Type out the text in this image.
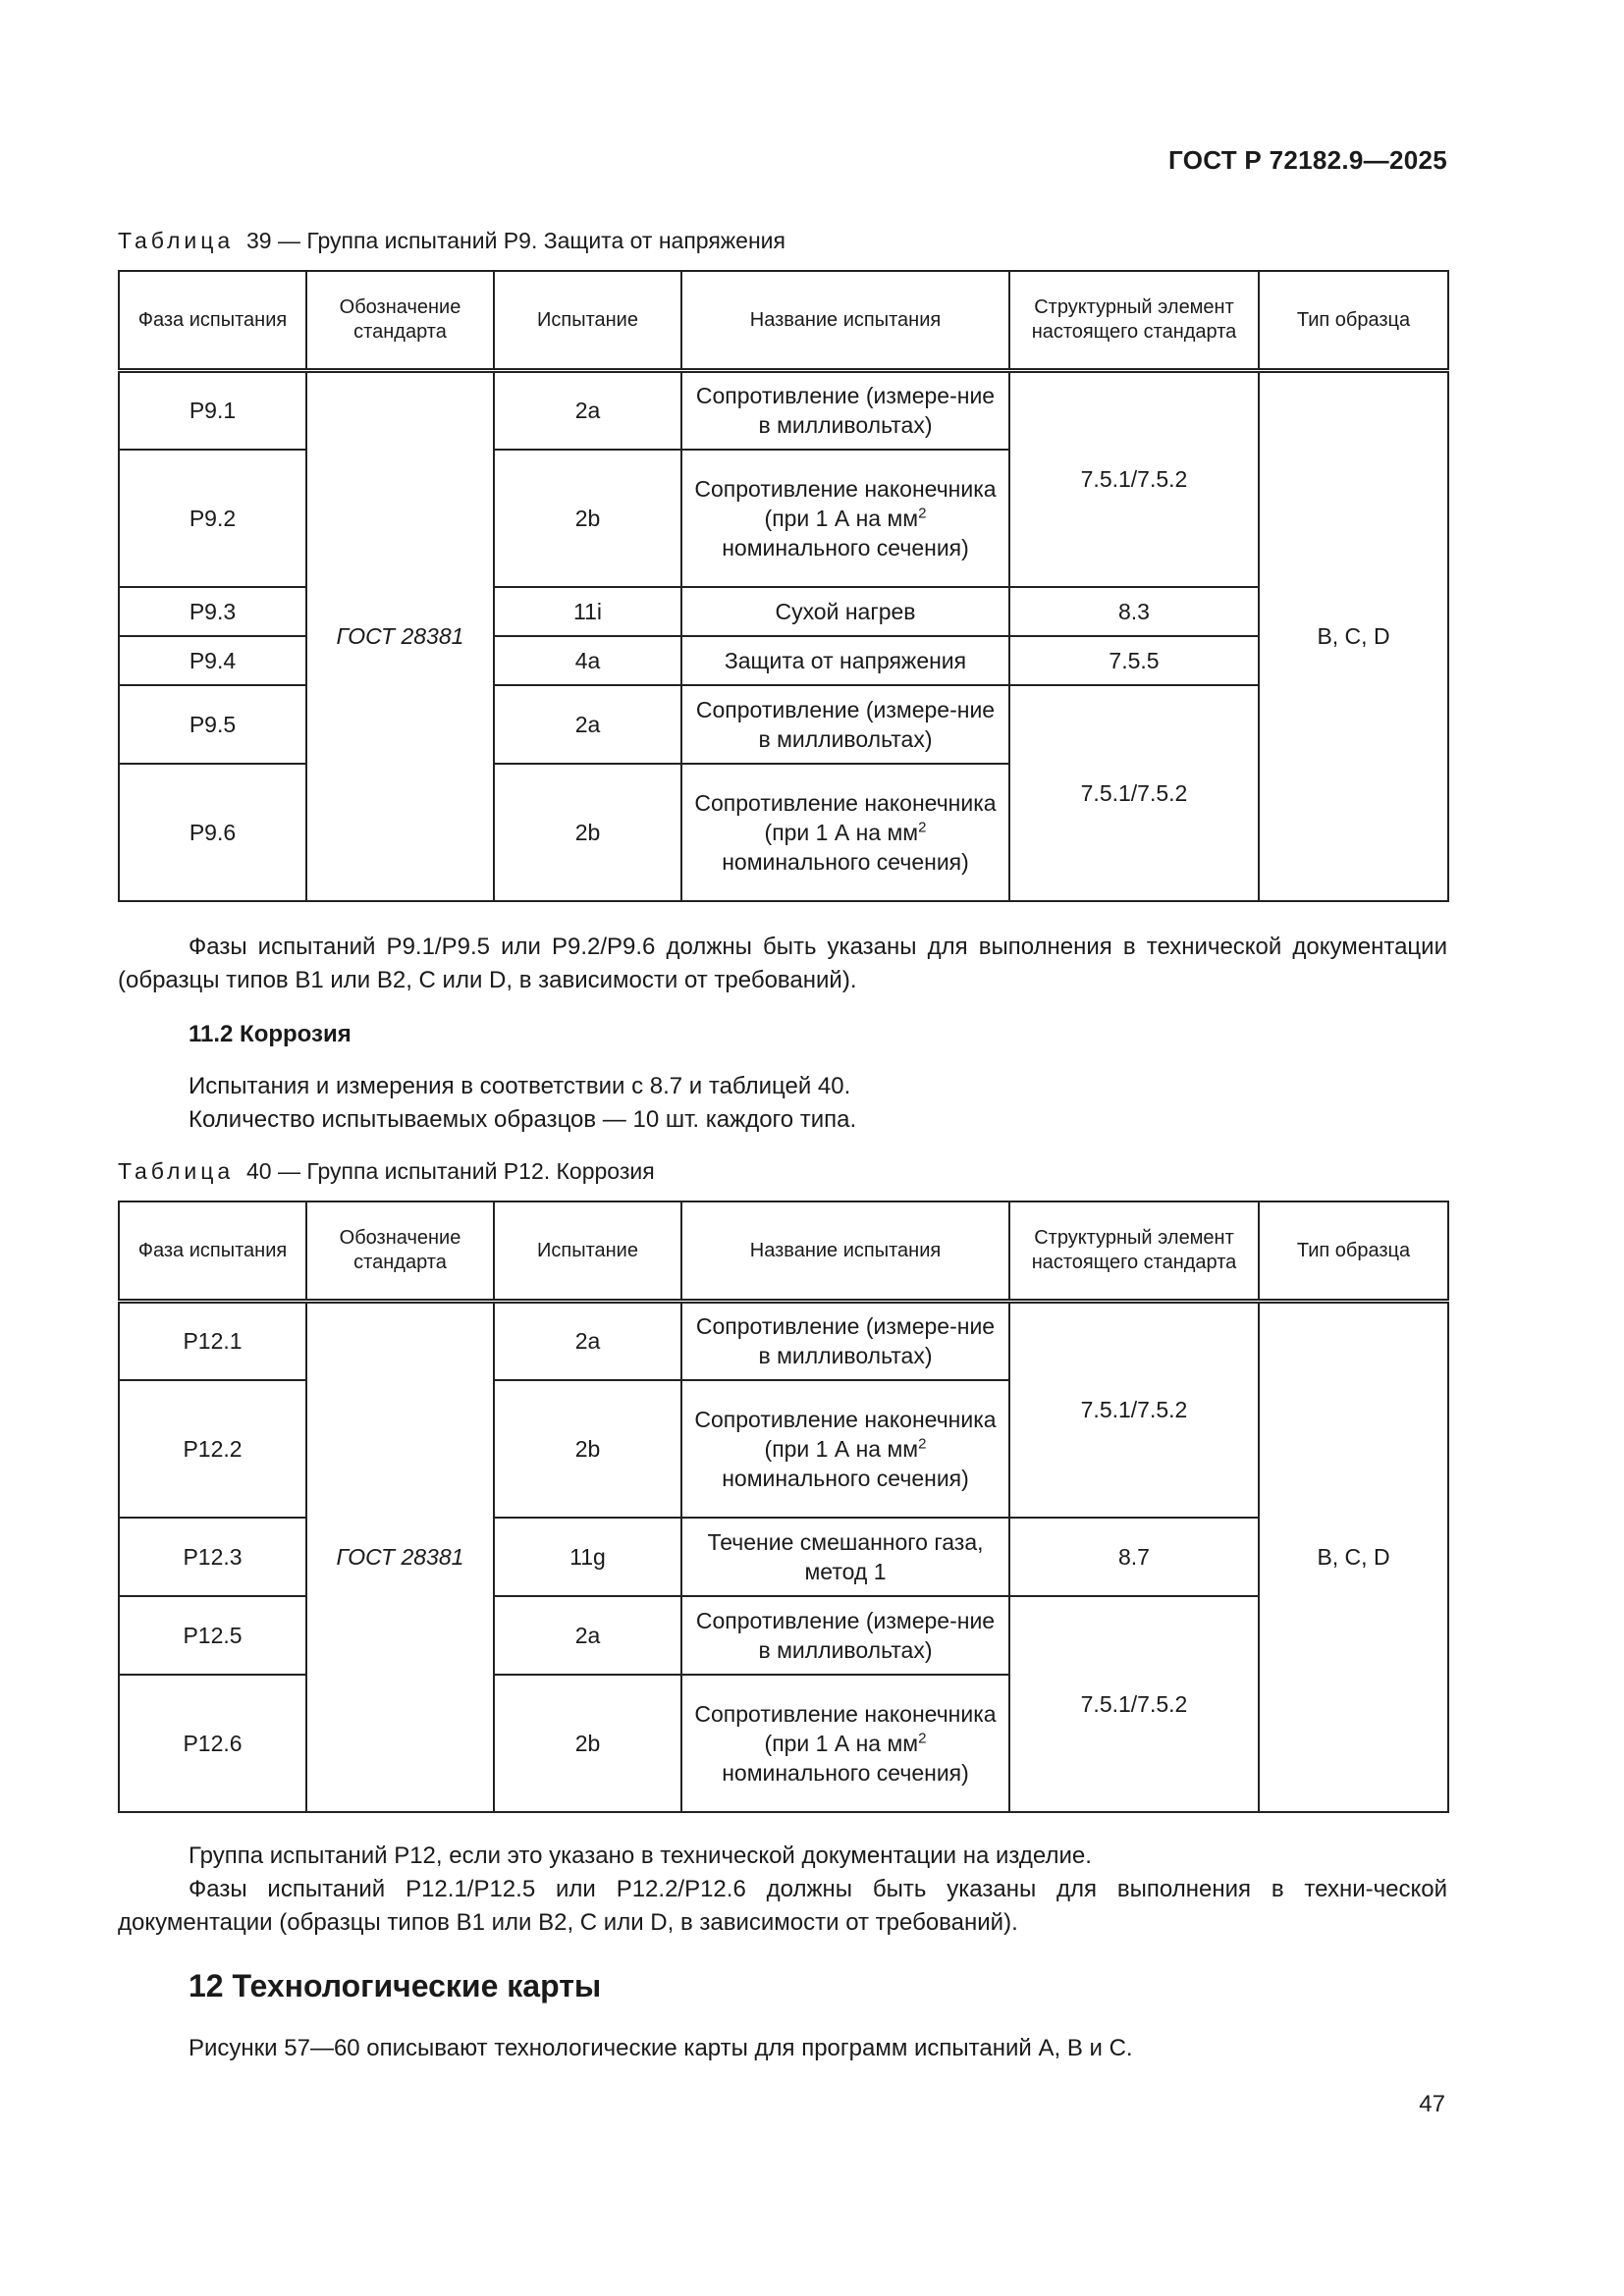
ГОСТ Р 72182.9—2025
Таблица 39 — Группа испытаний P9. Защита от напряжения
Фаза испытания	Обозначение стандарта	Испытание	Название испытания	Структурный элемент настоящего стандарта	Тип образца
P9.1	ГОСТ 28381	2a	Сопротивление (измере-ние в милливольтах)	7.5.1/7.5.2	B, C, D
P9.2		2b	Сопротивление наконечника (при 1 А на $мм^2$ номинального сечения)		
P9.3		11i	Сухой нагрев	8.3	
P9.4		4a	Защита от напряжения	7.5.5	
P9.5		2a	Сопротивление (измере-ние в милливольтах)	7.5.1/7.5.2	
P9.6		2b	Сопротивление наконечника (при 1 А на $мм^2$ номинального сечения)		
Фазы испытаний P9.1/P9.5 или P9.2/P9.6 должны быть указаны для выполнения в технической документации (образцы типов B1 или B2, C или D, в зависимости от требований).
11.2 Коррозия
Испытания и измерения в соответствии с 8.7 и таблицей 40.
Количество испытываемых образцов — 10 шт. каждого типа.
Таблица 40 — Группа испытаний P12. Коррозия
Фаза испытания	Обозначение стандарта	Испытание	Название испытания	Структурный элемент настоящего стандарта	Тип образца
P12.1	ГОСТ 28381	2a	Сопротивление (измере-ние в милливольтах)	7.5.1/7.5.2	B, C, D
P12.2		2b	Сопротивление наконечника (при 1 А на $мм^2$ номинального сечения)		
P12.3		11g	Течение смешанного газа, метод 1	8.7	
P12.5		2a	Сопротивление (измере-ние в милливольтах)	7.5.1/7.5.2	
P12.6		2b	Сопротивление наконечника (при 1 А на $мм^2$ номинального сечения)		
Группа испытаний P12, если это указано в технической документации на изделие.
Фазы испытаний P12.1/P12.5 или P12.2/P12.6 должны быть указаны для выполнения в техни-ческой документации (образцы типов B1 или B2, C или D, в зависимости от требований).
12 Технологические карты
Рисунки 57—60 описывают технологические карты для программ испытаний А, В и С.
47
